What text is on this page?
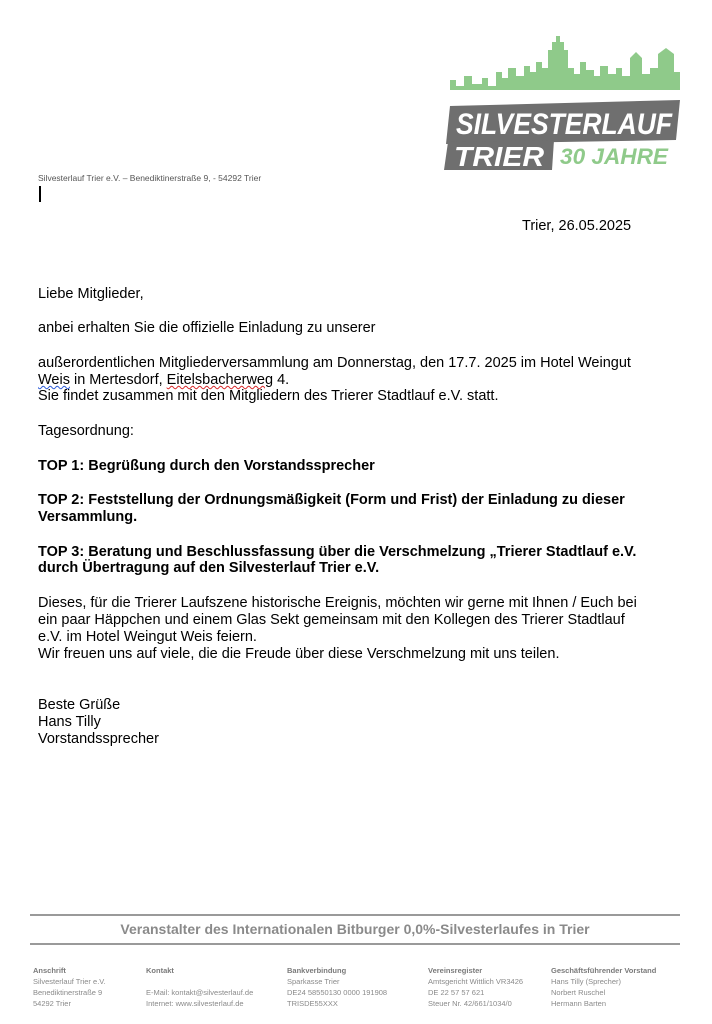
SILVESTERLAUF
TRIER 30 JAHRE
Silvesterlauf Trier e.V. – Benediktinerstraße 9, - 54292 Trier
Trier, 26.05.2025
Liebe Mitglieder,
anbei erhalten Sie die offizielle Einladung zu unserer
außerordentlichen Mitgliederversammlung am Donnerstag, den 17.7. 2025 im Hotel Weingut
Weis in Mertesdorf, Eitelsbacherweg 4.
Sie findet zusammen mit den Mitgliedern des Trierer Stadtlauf e.V. statt.
Tagesordnung:
TOP 1: Begrüßung durch den Vorstandssprecher
TOP 2: Feststellung der Ordnungsmäßigkeit (Form und Frist) der Einladung zu dieser
Versammlung.
TOP 3: Beratung und Beschlussfassung über die Verschmelzung „Trierer Stadtlauf e.V.
durch Übertragung auf den Silvesterlauf Trier e.V.
Dieses, für die Trierer Laufszene historische Ereignis, möchten wir gerne mit Ihnen / Euch bei
ein paar Häppchen und einem Glas Sekt gemeinsam mit den Kollegen des Trierer Stadtlauf
e.V. im Hotel Weingut Weis feiern.
Wir freuen uns auf viele, die die Freude über diese Verschmelzung mit uns teilen.
Beste Grüße
Hans Tilly
Vorstandssprecher
Veranstalter des Internationalen Bitburger 0,0%-Silvesterlaufes in Trier
Anschrift
Silvesterlauf Trier e.V.
Benediktinerstraße 9
54292 Trier
Kontakt

E-Mail: kontakt@silvesterlauf.de
Internet: www.silvesterlauf.de
Bankverbindung
Sparkasse Trier
DE24 58550130 0000 191908
TRISDE55XXX
Vereinsregister
Amtsgericht Wittlich VR3426
DE 22 57 57 621
Steuer Nr. 42/661/1034/0
Geschäftsführender Vorstand
Hans Tilly (Sprecher)
Norbert Ruschel
Hermann Barten
